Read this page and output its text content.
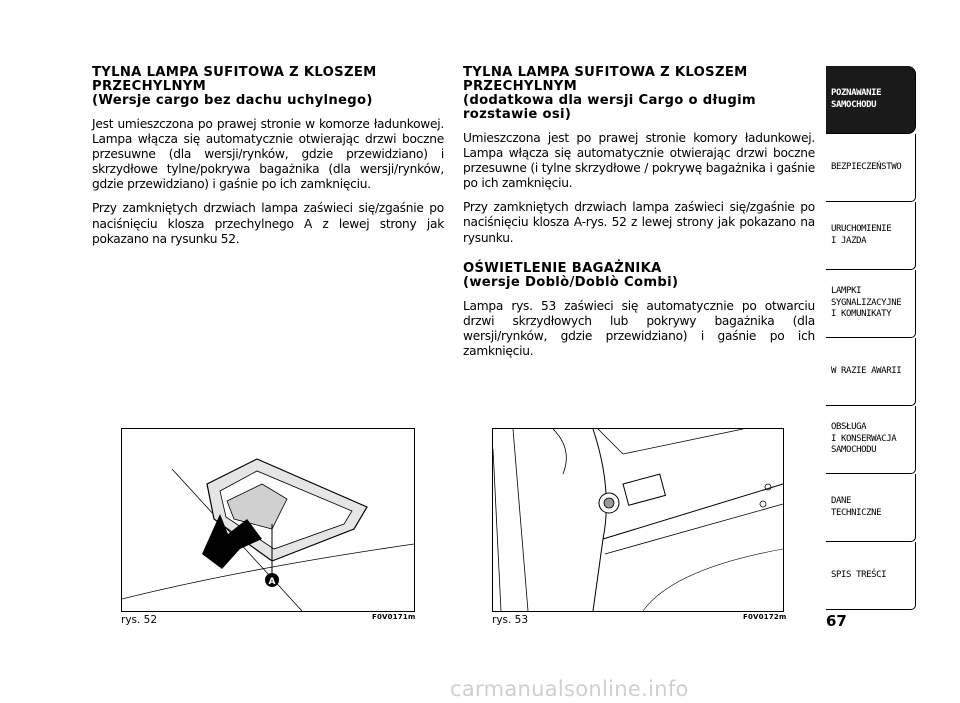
TYLNA LAMPA SUFITOWA Z KLOSZEM
PRZECHYLNYM
(Wersje cargo bez dachu uchylnego)

Jest umieszczona po prawej stronie w komorze ładunkowej. Lampa włącza się automatycznie otwierając drzwi boczne przesuwne (dla wersji/rynków, gdzie przewidziano) i skrzydłowe tylne/pokrywa bagażnika (dla wersji/rynków, gdzie przewidziano) i gaśnie po ich zamknięciu.

Przy zamkniętych drzwiach lampa zaświeci się/zgaśnie po naciśnięciu klosza przechylnego A z lewej strony jak pokazano na rysunku 52.

TYLNA LAMPA SUFITOWA Z KLOSZEM
PRZECHYLNYM
(dodatkowa dla wersji Cargo o długim
rozstawie osi)

Umieszczona jest po prawej stronie komory ładunkowej. Lampa włącza się automatycznie otwierając drzwi boczne przesuwne (i tylne skrzydłowe / pokrywę bagażnika i gaśnie po ich zamknięciu.

Przy zamkniętych drzwiach lampa zaświeci się/zgaśnie po naciśnięciu klosza A-rys. 52 z lewej strony jak pokazano na rysunku.

OŚWIETLENIE BAGAŻNIKA
(wersje Doblò/Doblò Combi)

Lampa rys. 53 zaświeci się automatycznie po otwarciu drzwi skrzydłowych lub pokrywy bagażnika (dla wersji/rynków, gdzie przewidziano) i gaśnie po ich zamknięciu.

A
rys. 52	F0V0171m	rys. 53	F0V0172m
POZNAWANIE
SAMOCHODU
BEZPIECZEŃSTWO
URUCHOMIENIE
I JAZDA
LAMPKI
SYGNALIZACYJNE
I KOMUNIKATY
W RAZIE AWARII
OBSŁUGA
I KONSERWACJA
SAMOCHODU
DANE
TECHNICZNE
SPIS TREŚCI
67
carmanualsonline.info
